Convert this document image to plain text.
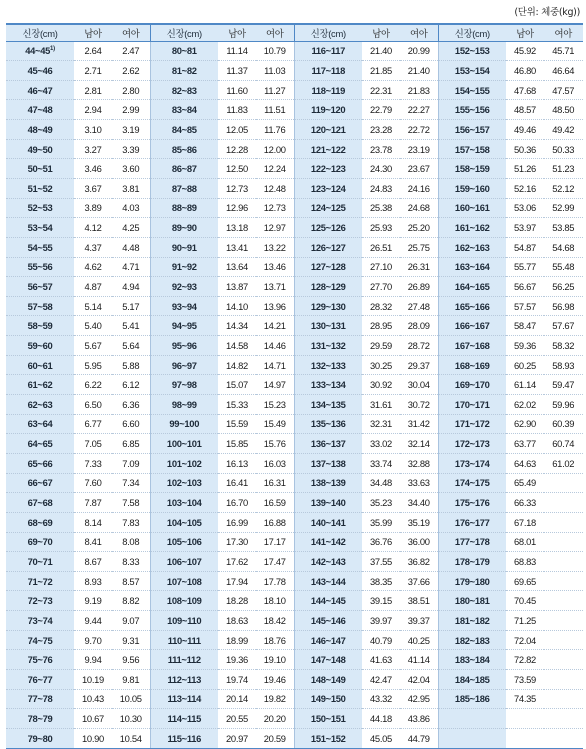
(단위: 체중(kg))
신장(cm)	남아	여아	신장(cm)	남아	여아	신장(cm)	남아	여아	신장(cm)	남아	여아
44~45$^{1)}$	2.64	2.47	80~81	11.14	10.79	116~117	21.40	20.99	152~153	45.92	45.71
45~46	2.71	2.62	81~82	11.37	11.03	117~118	21.85	21.40	153~154	46.80	46.64
46~47	2.81	2.80	82~83	11.60	11.27	118~119	22.31	21.83	154~155	47.68	47.57
47~48	2.94	2.99	83~84	11.83	11.51	119~120	22.79	22.27	155~156	48.57	48.50
48~49	3.10	3.19	84~85	12.05	11.76	120~121	23.28	22.72	156~157	49.46	49.42
49~50	3.27	3.39	85~86	12.28	12.00	121~122	23.78	23.19	157~158	50.36	50.33
50~51	3.46	3.60	86~87	12.50	12.24	122~123	24.30	23.67	158~159	51.26	51.23
51~52	3.67	3.81	87~88	12.73	12.48	123~124	24.83	24.16	159~160	52.16	52.12
52~53	3.89	4.03	88~89	12.96	12.73	124~125	25.38	24.68	160~161	53.06	52.99
53~54	4.12	4.25	89~90	13.18	12.97	125~126	25.93	25.20	161~162	53.97	53.85
54~55	4.37	4.48	90~91	13.41	13.22	126~127	26.51	25.75	162~163	54.87	54.68
55~56	4.62	4.71	91~92	13.64	13.46	127~128	27.10	26.31	163~164	55.77	55.48
56~57	4.87	4.94	92~93	13.87	13.71	128~129	27.70	26.89	164~165	56.67	56.25
57~58	5.14	5.17	93~94	14.10	13.96	129~130	28.32	27.48	165~166	57.57	56.98
58~59	5.40	5.41	94~95	14.34	14.21	130~131	28.95	28.09	166~167	58.47	57.67
59~60	5.67	5.64	95~96	14.58	14.46	131~132	29.59	28.72	167~168	59.36	58.32
60~61	5.95	5.88	96~97	14.82	14.71	132~133	30.25	29.37	168~169	60.25	58.93
61~62	6.22	6.12	97~98	15.07	14.97	133~134	30.92	30.04	169~170	61.14	59.47
62~63	6.50	6.36	98~99	15.33	15.23	134~135	31.61	30.72	170~171	62.02	59.96
63~64	6.77	6.60	99~100	15.59	15.49	135~136	32.31	31.42	171~172	62.90	60.39
64~65	7.05	6.85	100~101	15.85	15.76	136~137	33.02	32.14	172~173	63.77	60.74
65~66	7.33	7.09	101~102	16.13	16.03	137~138	33.74	32.88	173~174	64.63	61.02
66~67	7.60	7.34	102~103	16.41	16.31	138~139	34.48	33.63	174~175	65.49	
67~68	7.87	7.58	103~104	16.70	16.59	139~140	35.23	34.40	175~176	66.33	
68~69	8.14	7.83	104~105	16.99	16.88	140~141	35.99	35.19	176~177	67.18	
69~70	8.41	8.08	105~106	17.30	17.17	141~142	36.76	36.00	177~178	68.01	
70~71	8.67	8.33	106~107	17.62	17.47	142~143	37.55	36.82	178~179	68.83	
71~72	8.93	8.57	107~108	17.94	17.78	143~144	38.35	37.66	179~180	69.65	
72~73	9.19	8.82	108~109	18.28	18.10	144~145	39.15	38.51	180~181	70.45	
73~74	9.44	9.07	109~110	18.63	18.42	145~146	39.97	39.37	181~182	71.25	
74~75	9.70	9.31	110~111	18.99	18.76	146~147	40.79	40.25	182~183	72.04	
75~76	9.94	9.56	111~112	19.36	19.10	147~148	41.63	41.14	183~184	72.82	
76~77	10.19	9.81	112~113	19.74	19.46	148~149	42.47	42.04	184~185	73.59	
77~78	10.43	10.05	113~114	20.14	19.82	149~150	43.32	42.95	185~186	74.35	
78~79	10.67	10.30	114~115	20.55	20.20	150~151	44.18	43.86			
79~80	10.90	10.54	115~116	20.97	20.59	151~152	45.05	44.79			
